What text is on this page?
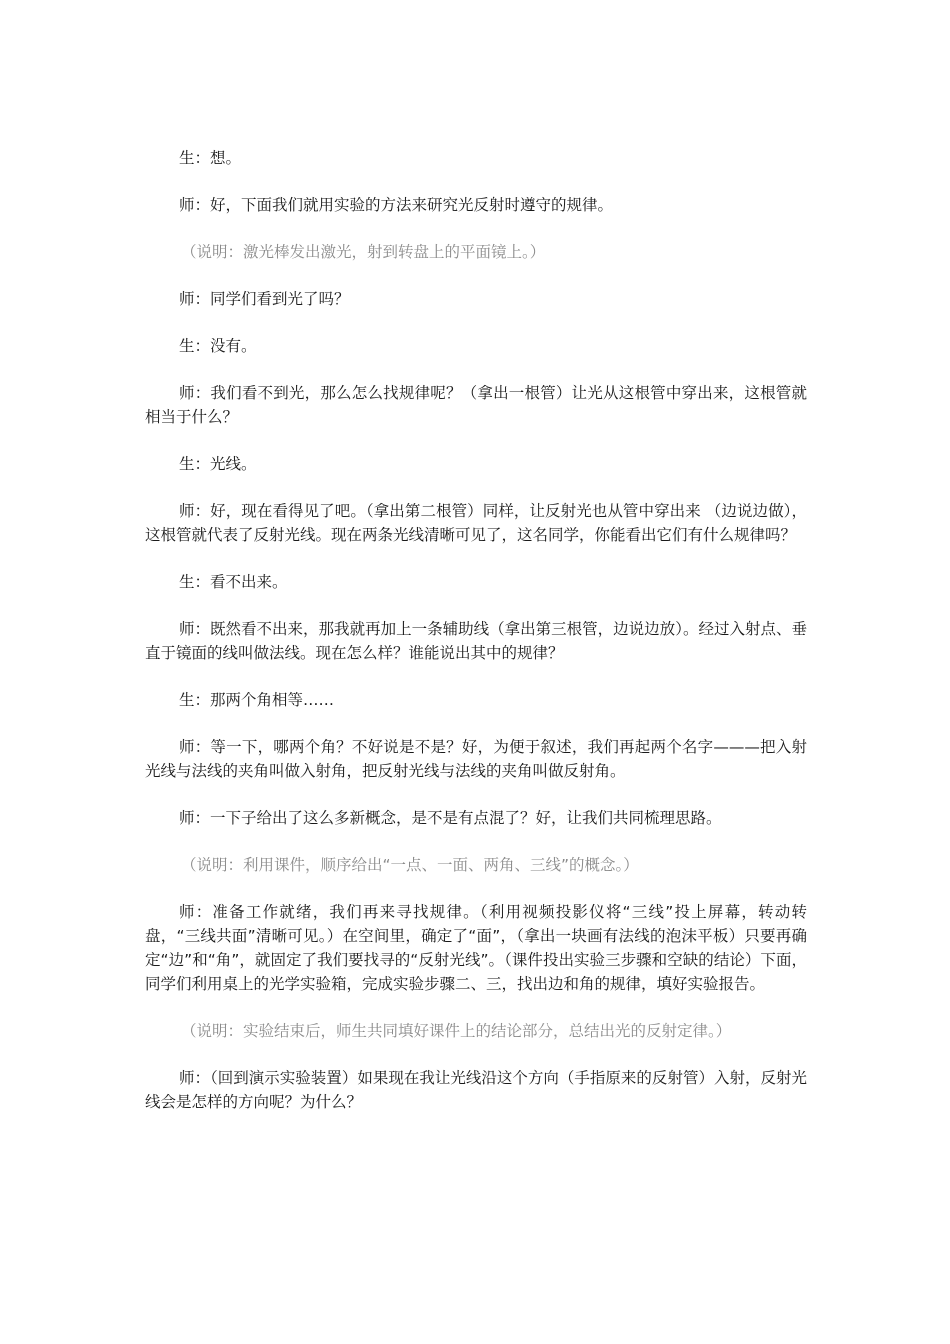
生：想。

师：好，下面我们就用实验的方法来研究光反射时遵守的规律。

（说明：激光棒发出激光，射到转盘上的平面镜上。）

师：同学们看到光了吗？

生：没有。

师：我们看不到光，那么怎么找规律呢？（拿出一根管）让光从这根管中穿出来，这根管就相当于什么？

生：光线。

师：好，现在看得见了吧。（拿出第二根管）同样，让反射光也从管中穿出来 （边说边做），这根管就代表了反射光线。现在两条光线清晰可见了，这名同学，你能看出它们有什么规律吗？

生：看不出来。

师：既然看不出来，那我就再加上一条辅助线（拿出第三根管，边说边放）。经过入射点、垂直于镜面的线叫做法线。现在怎么样？谁能说出其中的规律？

生：那两个角相等……

师：等一下，哪两个角？不好说是不是？好，为便于叙述，我们再起两个名字———把入射光线与法线的夹角叫做入射角，把反射光线与法线的夹角叫做反射角。

师：一下子给出了这么多新概念，是不是有点混了？好，让我们共同梳理思路。

（说明：利用课件，顺序给出“一点、一面、两角、三线”的概念。）

师：准备工作就绪，我们再来寻找规律。（利用视频投影仪将“三线”投上屏幕，转动转盘，“三线共面”清晰可见。）在空间里，确定了“面”，（拿出一块画有法线的泡沫平板）只要再确定“边”和“角”，就固定了我们要找寻的“反射光线”。（课件投出实验三步骤和空缺的结论）下面，同学们利用桌上的光学实验箱，完成实验步骤二、三，找出边和角的规律，填好实验报告。

（说明：实验结束后，师生共同填好课件上的结论部分，总结出光的反射定律。）

师：（回到演示实验装置）如果现在我让光线沿这个方向（手指原来的反射管）入射，反射光线会是怎样的方向呢？为什么？
